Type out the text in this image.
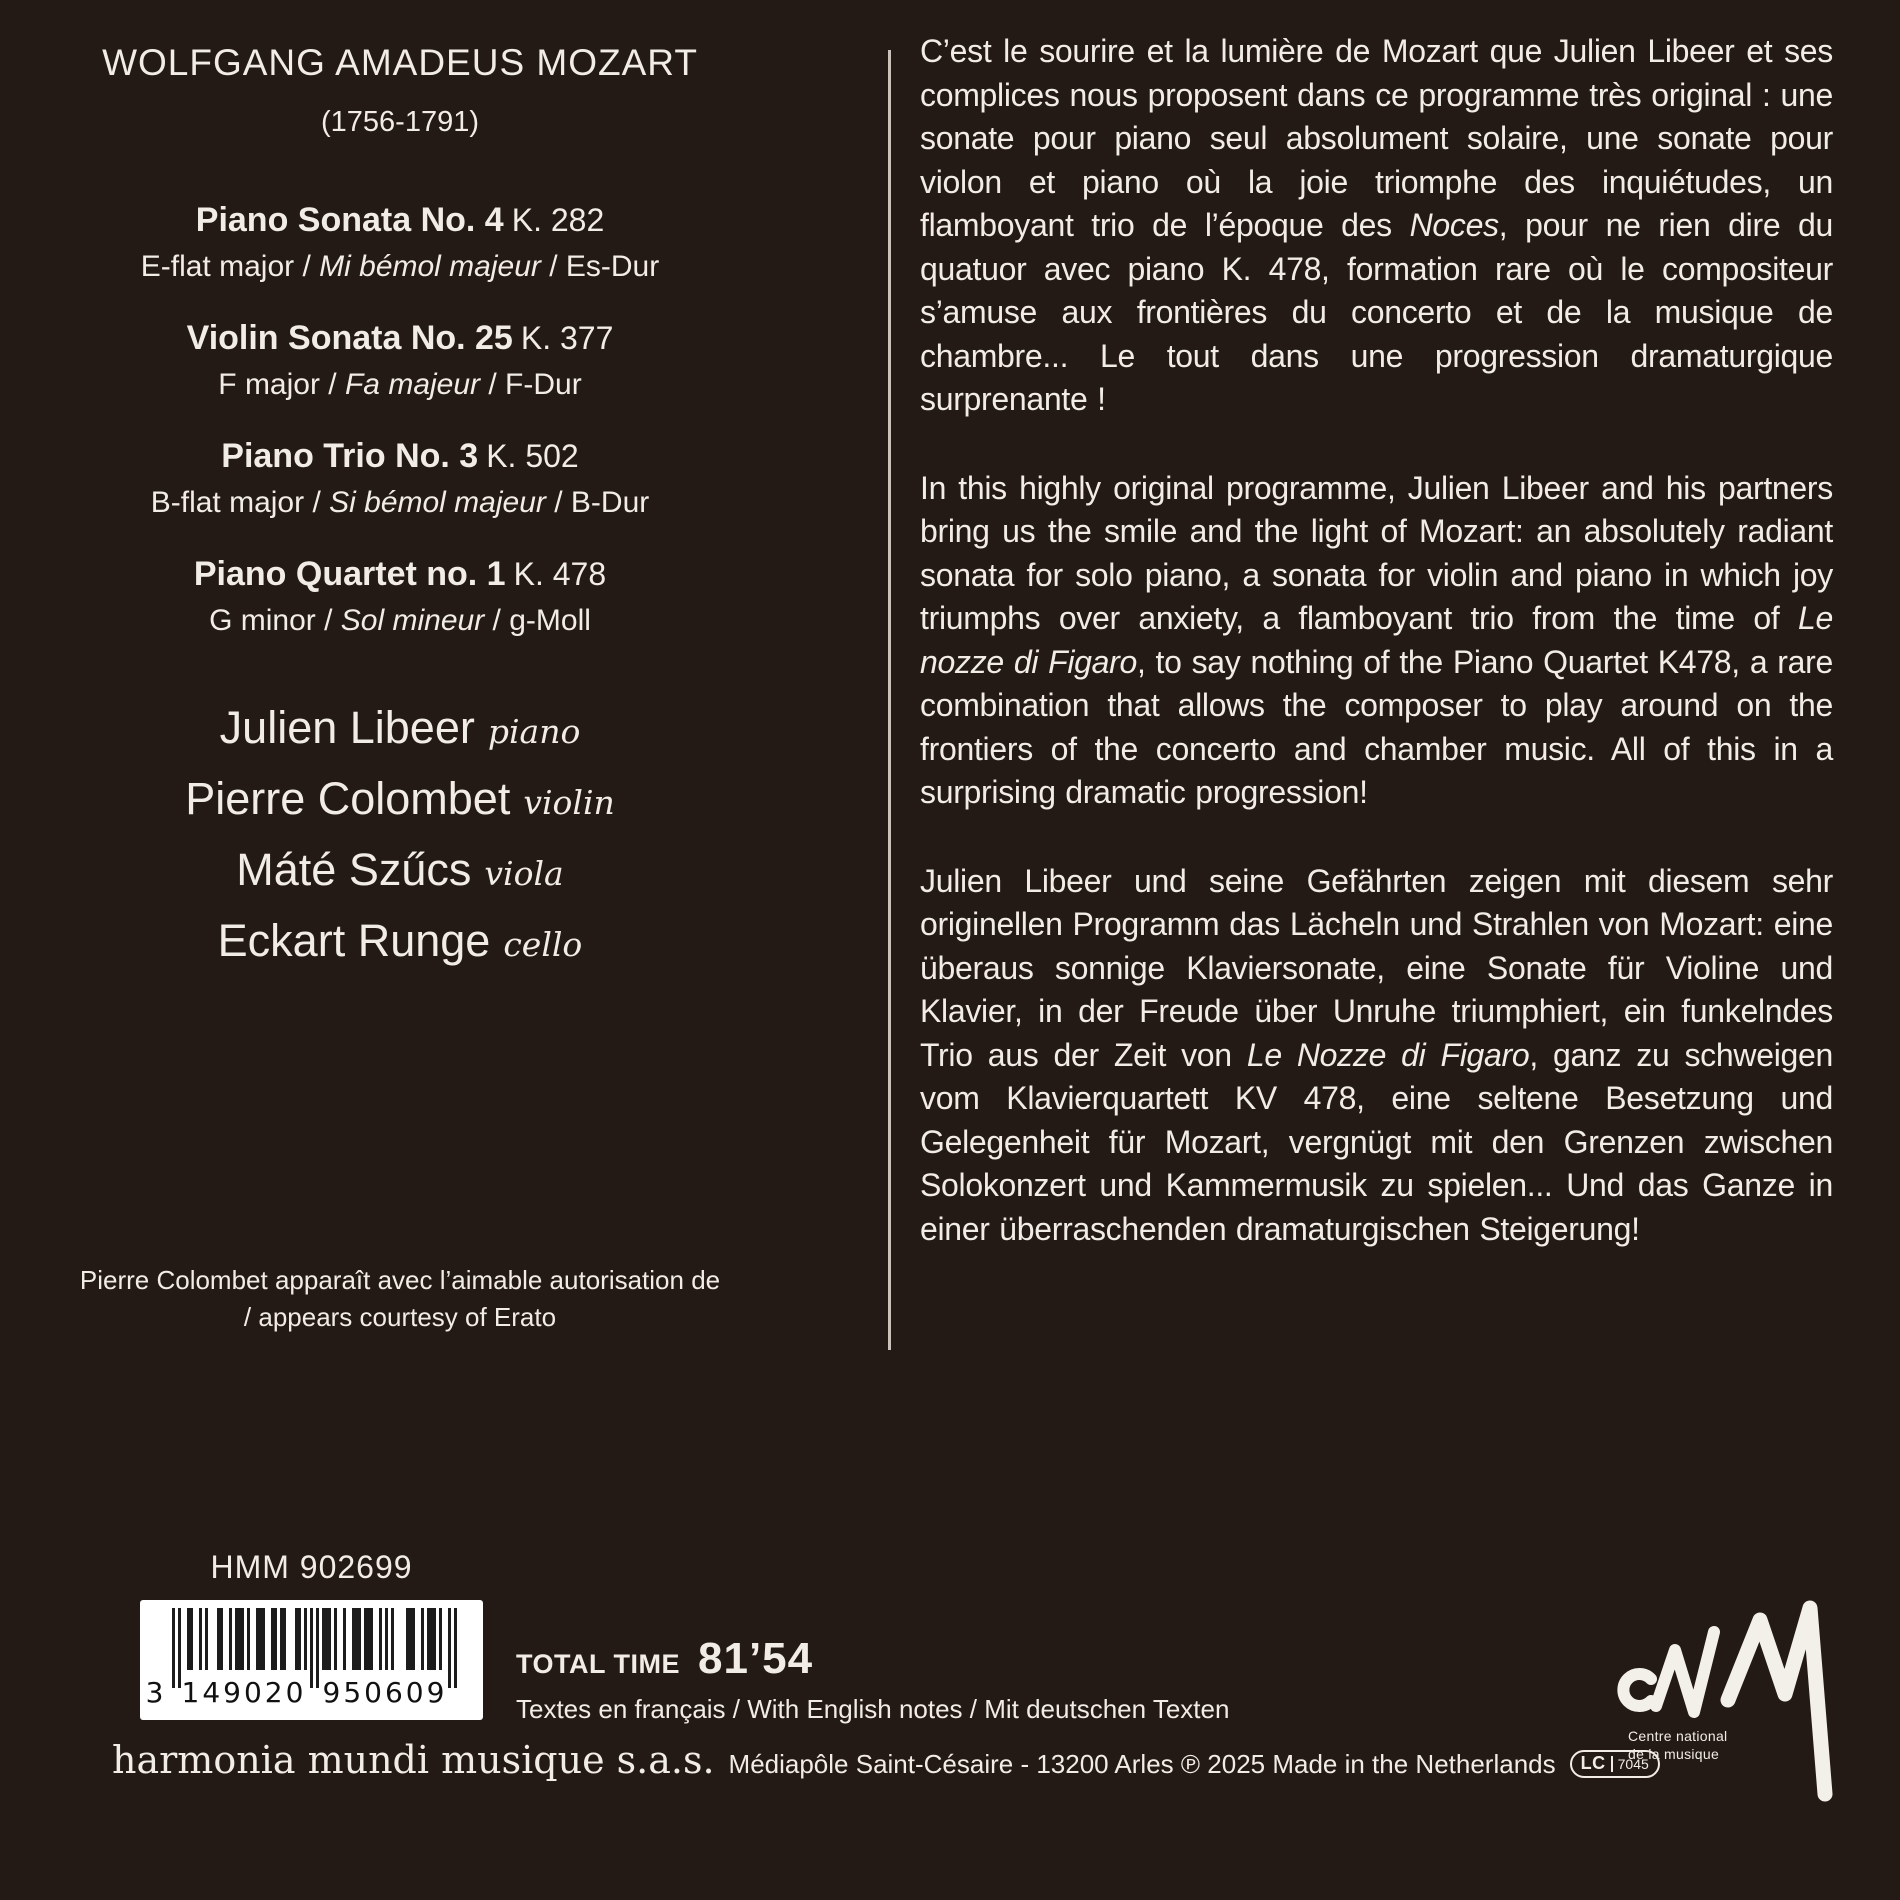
WOLFGANG AMADEUS MOZART
(1756-1791)
Piano Sonata No. 4 K. 282
E-flat major / Mi bémol majeur / Es-Dur
Violin Sonata No. 25 K. 377
F major / Fa majeur / F-Dur
Piano Trio No. 3 K. 502
B-flat major / Si bémol majeur / B-Dur
Piano Quartet no. 1 K. 478
G minor / Sol mineur / g-Moll
Julien Libeer piano
Pierre Colombet violin
Máté Szűcs viola
Eckart Runge cello
Pierre Colombet apparaît avec l’aimable autorisation de
/ appears courtesy of Erato

C’est le sourire et la lumière de Mozart que Julien Libeer et ses complices nous proposent dans ce programme très original : une sonate pour piano seul absolument solaire, une sonate pour violon et piano où la joie triomphe des inquiétudes, un flamboyant trio de l’époque des Noces, pour ne rien dire du quatuor avec piano K. 478, formation rare où le compositeur s’amuse aux frontières du concerto et de la musique de chambre... Le tout dans une progression dramaturgique surprenante !

In this highly original programme, Julien Libeer and his partners bring us the smile and the light of Mozart: an absolutely radiant sonata for solo piano, a sonata for violin and piano in which joy triumphs over anxiety, a flamboyant trio from the time of Le nozze di Figaro, to say nothing of the Piano Quartet K478, a rare combination that allows the composer to play around on the frontiers of the concerto and chamber music. All of this in a surprising dramatic progression!

Julien Libeer und seine Gefährten zeigen mit diesem sehr originellen Programm das Lächeln und Strahlen von Mozart: eine überaus sonnige Klaviersonate, eine Sonate für Violine und Klavier, in der Freude über Unruhe triumphiert, ein funkelndes Trio aus der Zeit von Le Nozze di Figaro, ganz zu schweigen vom Klavierquartett KV 478, eine seltene Besetzung und Gelegenheit für Mozart, vergnügt mit den Grenzen zwischen Solokonzert und Kammermusik zu spielen... Und das Ganze in einer überraschenden dramaturgischen Steigerung!

HMM 902699
3 149020 950609
TOTAL TIME 81’54
Textes en français / With English notes / Mit deutschen Texten
harmonia mundi musique s.a.s. Médiapôle Saint-Césaire - 13200 Arles ℗ 2025 Made in the Netherlands LC 7045
Centre national
de la musique
